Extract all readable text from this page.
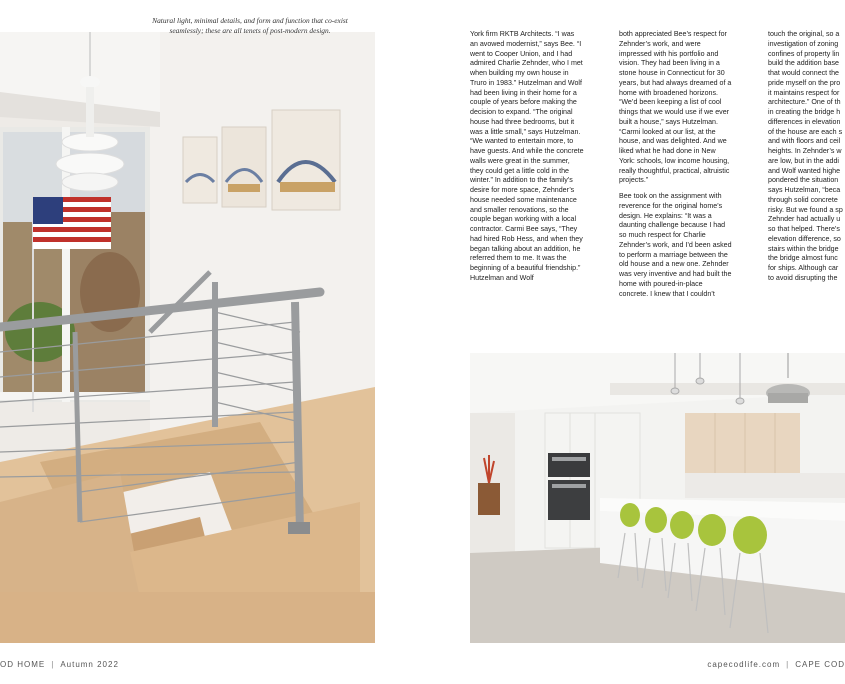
Natural light, minimal details, and form and function that co-exist seamlessly; these are all tenets of post-modern design.	York firm RKTB Architects. “I was an avowed modernist,” says Bee. “I went to Cooper Union, and I had admired Charlie Zehnder, who I met when building my own house in Truro in 1983.” Hutzelman and Wolf had been living in their home for a couple of years before making the decision to expand. “The original house had three bedrooms, but it was a little small,” says Hutzelman. “We wanted to entertain more, to have guests. And while the concrete walls were great in the summer, they could get a little cold in the winter.” In addition to the family’s desire for more space, Zehnder’s house needed some maintenance and smaller renovations, so the couple began working with a local contractor. Carmi Bee says, “They had hired Rob Hess, and when they began talking about an addition, he referred them to me. It was the beginning of a beautiful friendship.” Hutzelman and Wolf

both appreciated Bee’s respect for Zehnder’s work, and were impressed with his portfolio and vision. They had been living in a stone house in Connecticut for 30 years, but had always dreamed of a home with broadened horizons. “We’d been keeping a list of cool things that we would use if we ever built a house,” says Hutzelman. “Carmi looked at our list, at the house, and was delighted. And we liked what he had done in New York: schools, low income housing, really thoughtful, practical, altruistic projects.”

Bee took on the assignment with reverence for the original home’s design. He explains: “It was a daunting challenge because I had so much respect for Charlie Zehnder’s work, and I’d been asked to perform a marriage between the old house and a new one. Zehnder was very inventive and had built the home with poured-in-place concrete. I knew that I couldn’t

touch the original, so a
investigation of zoning
confines of property lin
build the addition base
that would connect the
pride myself on the pro
it maintains respect for
architecture.” One of th
in creating the bridge h
differences in elevation
of the house are each s
and with floors and ceil
heights. In Zehnder’s w
are low, but in the addi
and Wolf wanted highe
pondered the situation
says Hutzelman, “beca
through solid concrete
risky. But we found a sp
Zehnder had actually u
so that helped. There’s
elevation difference, so
stairs within the bridge
the bridge almost func
for ships. Although car
to avoid disrupting the
OD HOME | Autumn 2022	capecodlife.com | CAPE COD
